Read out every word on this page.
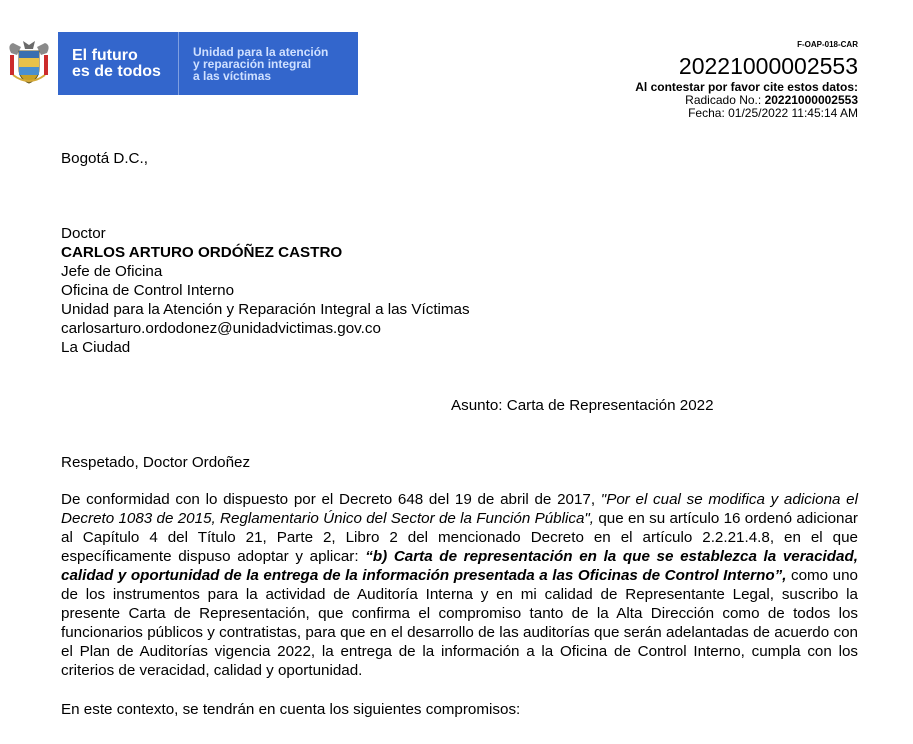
El futuro
es de todos
Unidad para la atención
y reparación integral
a las víctimas
F-OAP-018-CAR
20221000002553
Al contestar por favor cite estos datos:
Radicado No.: 20221000002553
Fecha: 01/25/2022 11:45:14 AM
Bogotá D.C.,
Doctor
CARLOS ARTURO ORDÓÑEZ CASTRO
Jefe de Oficina
Oficina de Control Interno
Unidad para la Atención y Reparación Integral a las Víctimas
carlosarturo.ordodonez@unidadvictimas.gov.co
La Ciudad
Asunto: Carta de Representación 2022
Respetado, Doctor Ordoñez
De conformidad con lo dispuesto por el Decreto 648 del 19 de abril de 2017, "Por el cual se modifica y adiciona el Decreto 1083 de 2015, Reglamentario Único del Sector de la Función Pública", que en su artículo 16 ordenó adicionar al Capítulo 4 del Título 21, Parte 2, Libro 2 del mencionado Decreto en el artículo 2.2.21.4.8, en el que específicamente dispuso adoptar y aplicar: “b) Carta de representación en la que se establezca la veracidad, calidad y oportunidad de la entrega de la información presentada a las Oficinas de Control Interno”, como uno de los instrumentos para la actividad de Auditoría Interna y en mi calidad de Representante Legal, suscribo la presente Carta de Representación, que confirma el compromiso tanto de la Alta Dirección como de todos los funcionarios públicos y contratistas, para que en el desarrollo de las auditorías que serán adelantadas de acuerdo con el Plan de Auditorías vigencia 2022, la entrega de la información a la Oficina de Control Interno, cumpla con los criterios de veracidad, calidad y oportunidad.
En este contexto, se tendrán en cuenta los siguientes compromisos:
